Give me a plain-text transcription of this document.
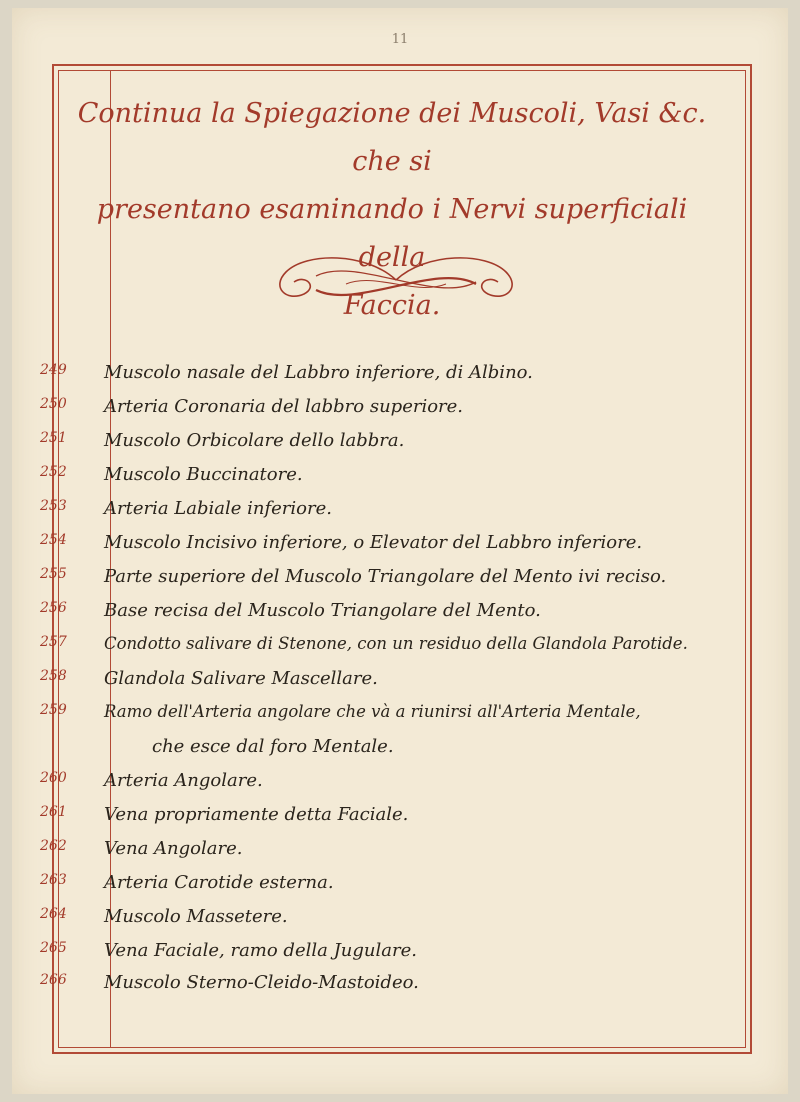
11
Continua la Spiegazione dei Muscoli, Vasi &c. che si
presentano esaminando i Nervi superficiali della
Faccia.
249	Muscolo nasale del Labbro inferiore, di Albino.
250	Arteria Coronaria del labbro superiore.
251	Muscolo Orbicolare dello labbra.
252	Muscolo Buccinatore.
253	Arteria Labiale inferiore.
254	Muscolo Incisivo inferiore, o Elevator del Labbro inferiore.
255	Parte superiore del Muscolo Triangolare del Mento ivi reciso.
256	Base recisa del Muscolo Triangolare del Mento.
257	Condotto salivare di Stenone, con un residuo della Glandola Parotide.
258	Glandola Salivare Mascellare.
259	Ramo dell'Arteria angolare che và a riunirsi all'Arteria Mentale,
che esce dal foro Mentale.
260	Arteria Angolare.
261	Vena propriamente detta Faciale.
262	Vena Angolare.
263	Arteria Carotide esterna.
264	Muscolo Massetere.
265	Vena Faciale, ramo della Jugulare.
266	Muscolo Sterno-Cleido-Mastoideo.
